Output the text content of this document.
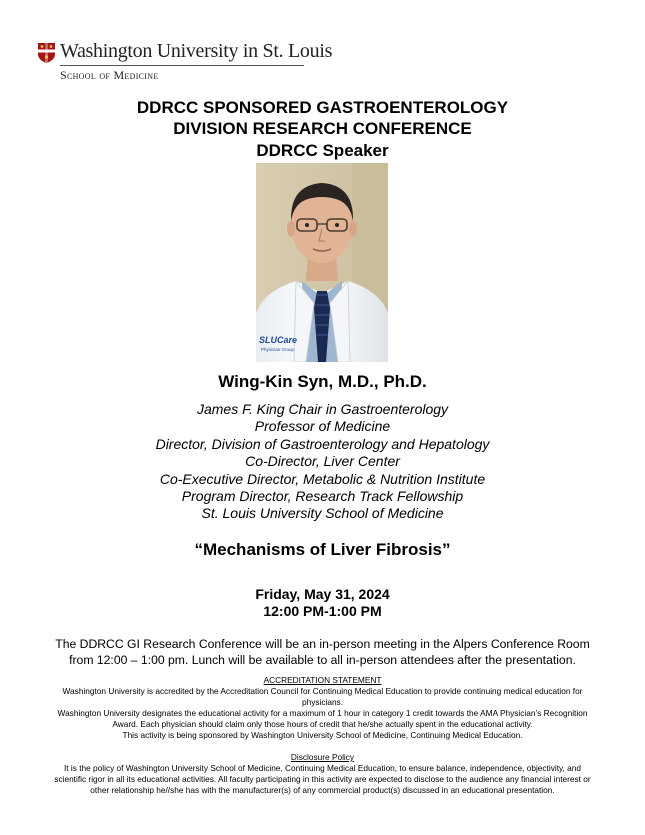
Washington University in St. Louis
School of Medicine
DDRCC SPONSORED GASTROENTEROLOGY
DIVISION RESEARCH CONFERENCE
DDRCC Speaker
SLUCare
Physician Group
Wing-Kin Syn, M.D., Ph.D.
James F. King Chair in Gastroenterology
Professor of Medicine
Director, Division of Gastroenterology and Hepatology
Co-Director, Liver Center
Co-Executive Director, Metabolic & Nutrition Institute
Program Director, Research Track Fellowship
St. Louis University School of Medicine
“Mechanisms of Liver Fibrosis”
Friday, May 31, 2024
12:00 PM-1:00 PM
The DDRCC GI Research Conference will be an in-person meeting in the Alpers Conference Room
from 12:00 – 1:00 pm. Lunch will be available to all in-person attendees after the presentation.
ACCREDITATION STATEMENT
Washington University is accredited by the Accreditation Council for Continuing Medical Education to provide continuing medical education for
physicians.
Washington University designates the educational activity for a maximum of 1 hour in category 1 credit towards the AMA Physician’s Recognition
Award. Each physician should claim only those hours of credit that he/she actually spent in the educational activity.
This activity is being sponsored by Washington University School of Medicine, Continuing Medical Education.
Disclosure Policy
It is the policy of Washington University School of Medicine, Continuing Medical Education, to ensure balance, independence, objectivity, and
scientific rigor in all its educational activities. All faculty participating in this activity are expected to disclose to the audience any financial interest or
other relationship he//she has with the manufacturer(s) of any commercial product(s) discussed in an educational presentation.
